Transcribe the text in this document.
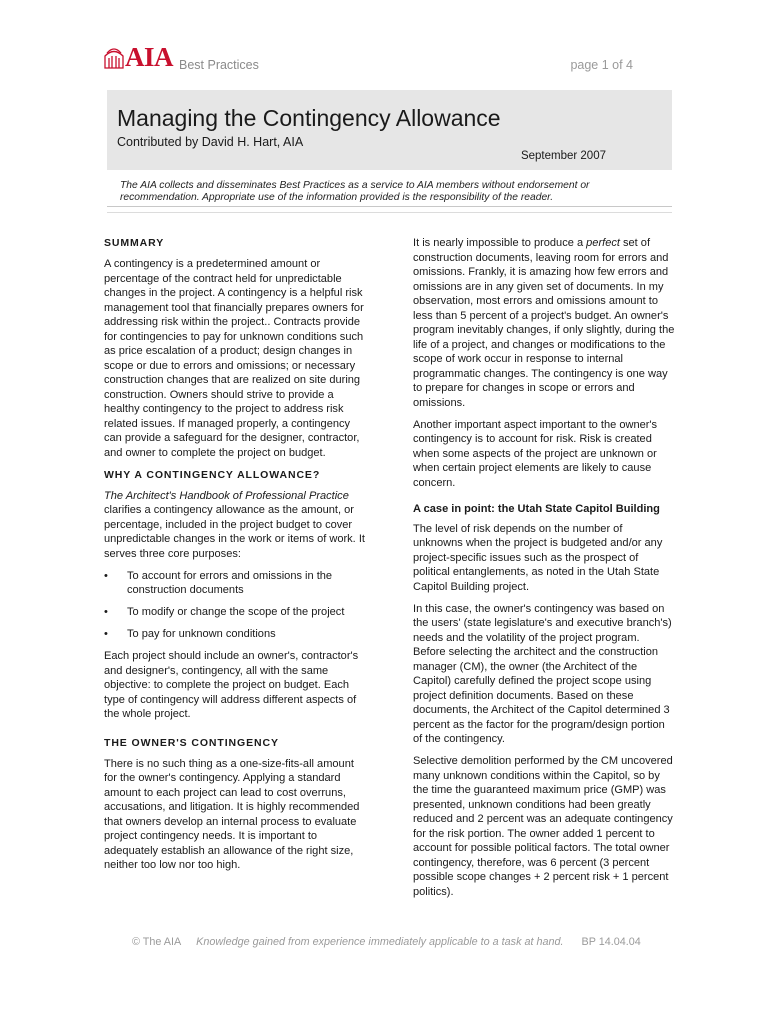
AIA Best Practices	page 1 of 4
Managing the Contingency Allowance
Contributed by David H. Hart, AIA
September 2007
The AIA collects and disseminates Best Practices as a service to AIA members without endorsement or recommendation. Appropriate use of the information provided is the responsibility of the reader.
SUMMARY

A contingency is a predetermined amount or percentage of the contract held for unpredictable changes in the project. A contingency is a helpful risk management tool that financially prepares owners for addressing risk within the project.. Contracts provide for contingencies to pay for unknown conditions such as price escalation of a product; design changes in scope or due to errors and omissions; or necessary construction changes that are realized on site during construction. Owners should strive to provide a healthy contingency to the project to address risk related issues. If managed properly, a contingency can provide a safeguard for the designer, contractor, and owner to complete the project on budget.

WHY A CONTINGENCY ALLOWANCE?

The Architect's Handbook of Professional Practice clarifies a contingency allowance as the amount, or percentage, included in the project budget to cover unpredictable changes in the work or items of work. It serves three core purposes:

• To account for errors and omissions in the construction documents
• To modify or change the scope of the project
• To pay for unknown conditions

Each project should include an owner's, contractor's and designer's, contingency, all with the same objective: to complete the project on budget. Each type of contingency will address different aspects of the whole project.

THE OWNER'S CONTINGENCY

There is no such thing as a one-size-fits-all amount for the owner's contingency. Applying a standard amount to each project can lead to cost overruns, accusations, and litigation. It is highly recommended that owners develop an internal process to evaluate project contingency needs. It is important to adequately establish an allowance of the right size, neither too low nor too high.

It is nearly impossible to produce a perfect set of construction documents, leaving room for errors and omissions. Frankly, it is amazing how few errors and omissions are in any given set of documents. In my observation, most errors and omissions amount to less than 5 percent of a project's budget. An owner's program inevitably changes, if only slightly, during the life of a project, and changes or modifications to the scope of work occur in response to internal programmatic changes. The contingency is one way to prepare for changes in scope or errors and omissions.

Another important aspect important to the owner's contingency is to account for risk. Risk is created when some aspects of the project are unknown or when certain project elements are likely to cause concern.

A case in point: the Utah State Capitol Building

The level of risk depends on the number of unknowns when the project is budgeted and/or any project-specific issues such as the prospect of political entanglements, as noted in the Utah State Capitol Building project.

In this case, the owner's contingency was based on the users' (state legislature's and executive branch's) needs and the volatility of the project program. Before selecting the architect and the construction manager (CM), the owner (the Architect of the Capitol) carefully defined the project scope using project definition documents. Based on these documents, the Architect of the Capitol determined 3 percent as the factor for the program/design portion of the contingency.

Selective demolition performed by the CM uncovered many unknown conditions within the Capitol, so by the time the guaranteed maximum price (GMP) was presented, unknown conditions had been greatly reduced and 2 percent was an adequate contingency for the risk portion. The owner added 1 percent to account for possible political factors. The total owner contingency, therefore, was 6 percent (3 percent possible scope changes + 2 percent risk + 1 percent politics).

© The AIA Knowledge gained from experience immediately applicable to a task at hand. BP 14.04.04
